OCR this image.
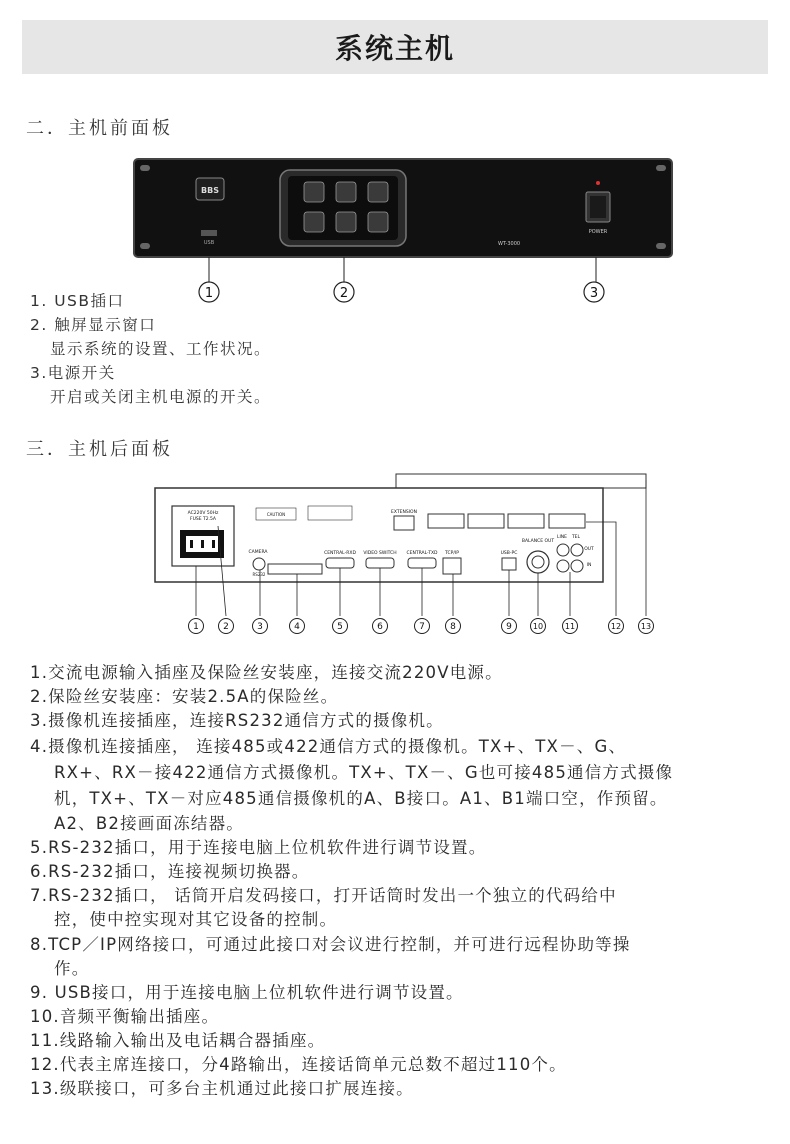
系统主机
二．主机前面板
BBS
USB	WT-3000
POWER
1	2	3
1. USB插口
2. 触屏显示窗口
显示系统的设置、工作状况。
3.电源开关
开启或关闭主机电源的开关。
三．主机后面板
AC220V 50Hz
FUSE T2.5A
CAUTION
CAMERA
RS232
CENTRAL-RXD VIDEO SWITCH CENTRAL-TXD TCP/IP
EXTENSION
USB-PC
BALANCE OUT
LINE TEL
OUT
IN
1	2	3	4	5	6	7	8	9	10	11	12 13
1.交流电源输入插座及保险丝安装座，连接交流220V电源。
2.保险丝安装座：安装2.5A的保险丝。
3.摄像机连接插座，连接RS232通信方式的摄像机。
4.摄像机连接插座， 连接485或422通信方式的摄像机。TX+、TX－、G、
RX+、RX－接422通信方式摄像机。TX+、TX－、G也可接485通信方式摄像
机，TX+、TX－对应485通信摄像机的A、B接口。A1、B1端口空，作预留。
A2、B2接画面冻结器。
5.RS-232插口，用于连接电脑上位机软件进行调节设置。
6.RS-232插口，连接视频切换器。
7.RS-232插口， 话筒开启发码接口，打开话筒时发出一个独立的代码给中
控，使中控实现对其它设备的控制。
8.TCP／IP网络接口，可通过此接口对会议进行控制，并可进行远程协助等操
作。
9. USB接口，用于连接电脑上位机软件进行调节设置。
10.音频平衡输出插座。
11.线路输入输出及电话耦合器插座。
12.代表主席连接口，分4路输出，连接话筒单元总数不超过110个。
13.级联接口，可多台主机通过此接口扩展连接。
